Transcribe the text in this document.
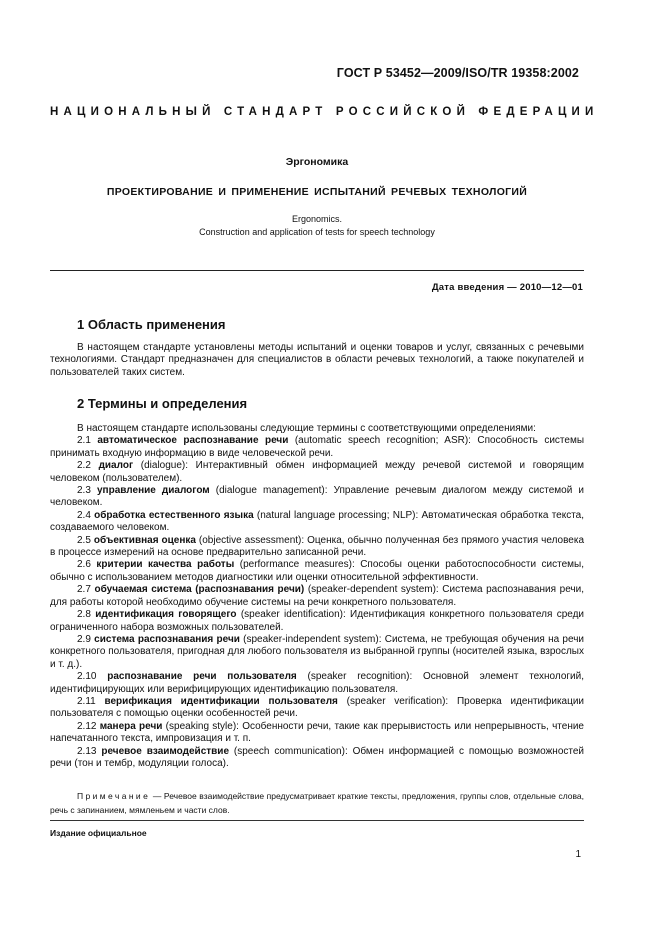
ГОСТ Р 53452—2009/ISO/TR 19358:2002
НАЦИОНАЛЬНЫЙ СТАНДАРТ РОССИЙСКОЙ ФЕДЕРАЦИИ
Эргономика
ПРОЕКТИРОВАНИЕ И ПРИМЕНЕНИЕ ИСПЫТАНИЙ РЕЧЕВЫХ ТЕХНОЛОГИЙ
Ergonomics.
Construction and application of tests for speech technology
Дата введения — 2010—12—01
1 Область применения
В настоящем стандарте установлены методы испытаний и оценки товаров и услуг, связанных с речевыми технологиями. Стандарт предназначен для специалистов в области речевых технологий, а также покупателей и пользователей таких систем.
2 Термины и определения

В настоящем стандарте использованы следующие термины с соответствующими определениями:

2.1 автоматическое распознавание речи (automatic speech recognition; ASR): Способность системы принимать входную информацию в виде человеческой речи.

2.2 диалог (dialogue): Интерактивный обмен информацией между речевой системой и говорящим человеком (пользователем).

2.3 управление диалогом (dialogue management): Управление речевым диалогом между системой и человеком.

2.4 обработка естественного языка (natural language processing; NLP): Автоматическая обработка текста, создаваемого человеком.

2.5 объективная оценка (objective assessment): Оценка, обычно полученная без прямого участия человека в процессе измерений на основе предварительно записанной речи.

2.6 критерии качества работы (performance measures): Способы оценки работоспособности системы, обычно с использованием методов диагностики или оценки относительной эффективности.

2.7 обучаемая система (распознавания речи) (speaker-dependent system): Система распознавания речи, для работы которой необходимо обучение системы на речи конкретного пользователя.

2.8 идентификация говорящего (speaker identification): Идентификация конкретного пользователя среди ограниченного набора возможных пользователей.

2.9 система распознавания речи (speaker-independent system): Система, не требующая обучения на речи конкретного пользователя, пригодная для любого пользователя из выбранной группы (носителей языка, взрослых и т. д.).

2.10 распознавание речи пользователя (speaker recognition): Основной элемент технологий, идентифицирующих или верифицирующих идентификацию пользователя.

2.11 верификация идентификации пользователя (speaker verification): Проверка идентификации пользователя с помощью оценки особенностей речи.

2.12 манера речи (speaking style): Особенности речи, такие как прерывистость или непрерывность, чтение напечатанного текста, импровизация и т. п.

2.13 речевое взаимодействие (speech communication): Обмен информацией с помощью возможностей речи (тон и тембр, модуляции голоса).

Примечание — Речевое взаимодействие предусматривает краткие тексты, предложения, группы слов, отдельные слова, речь с запинанием, мямленьем и части слов.
Издание официальное
1
